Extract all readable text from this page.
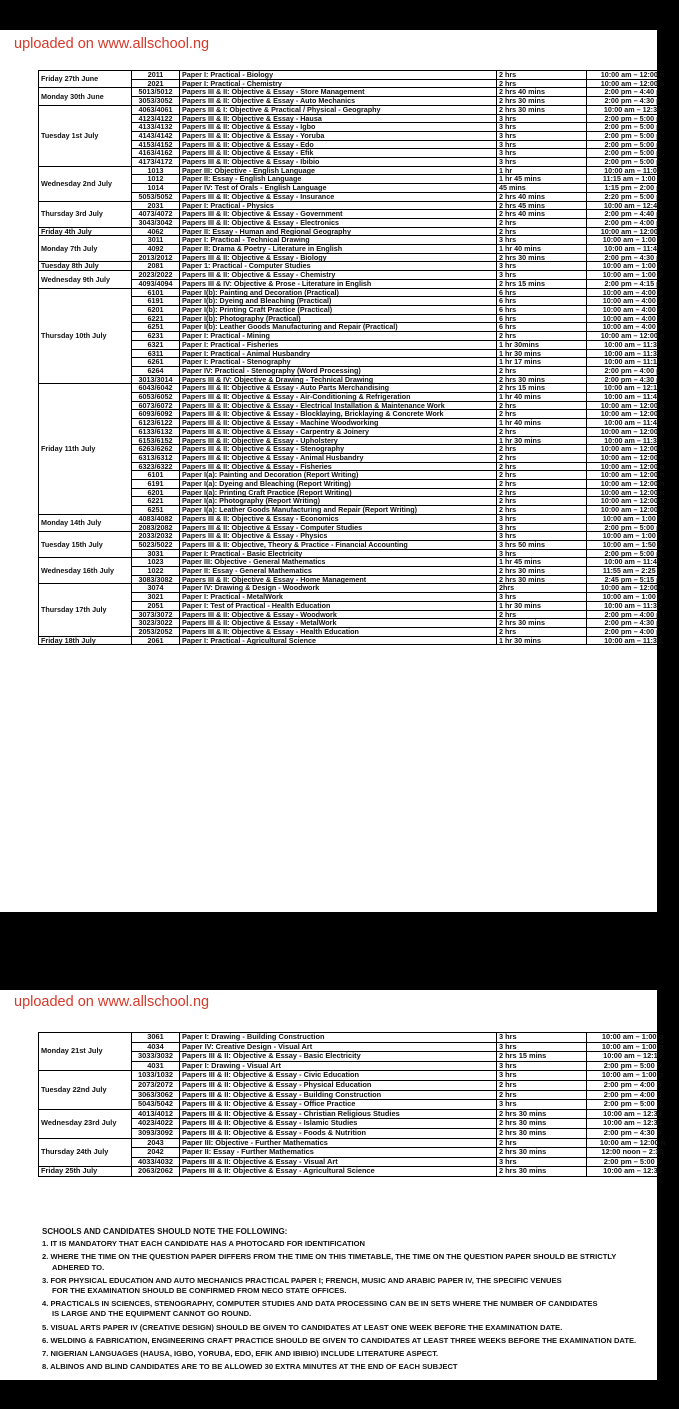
uploaded on www.allschool.ng
Friday 27th June	2011	Paper I: Practical - Biology	2 hrs	10:00 am – 12:00 n
	2021	Paper I: Practical - Chemistry	2 hrs	10:00 am – 12:00 n
Monday 30th June	5013/5012	Papers III & II: Objective & Essay - Store Management	2 hrs 40 mins	2:00 pm – 4:40 p
	3053/3052	Papers III & II: Objective & Essay - Auto Mechanics	2 hrs 30 mins	2:00 pm – 4:30 p
Tuesday 1st July	4063/4061	Papers III & I: Objective & Practical / Physical - Geography	2 hrs 30 mins	10:00 am – 12:30
	4123/4122	Papers III & II: Objective & Essay - Hausa	3 hrs	2:00 pm – 5:00 p
	4133/4132	Papers III & II: Objective & Essay - Igbo	3 hrs	2:00 pm – 5:00 p
	4143/4142	Papers III & II: Objective & Essay - Yoruba	3 hrs	2:00 pm – 5:00 p
	4153/4152	Papers III & II: Objective & Essay - Edo	3 hrs	2:00 pm – 5:00 p
	4163/4162	Papers III & II: Objective & Essay - Efik	3 hrs	2:00 pm – 5:00 p
	4173/4172	Papers III & II: Objective & Essay - Ibibio	3 hrs	2:00 pm – 5:00 p
Wednesday 2nd July	1013	Paper III: Objective - English Language	1 hr	10:00 am – 11:00
	1012	Paper II: Essay - English Language	1 hr 45 mins	11:15 am – 1:00 p
	1014	Paper IV: Test of Orals - English Language	45 mins	1:15 pm – 2:00 p
	5053/5052	Papers III & II: Objective & Essay - Insurance	2 hrs 40 mins	2:20 pm – 5:00 p
Thursday 3rd July	2031	Paper I: Practical - Physics	2 hrs 45 mins	10:00 am – 12:45
	4073/4072	Papers III & II: Objective & Essay - Government	2 hrs 40 mins	2:00 pm – 4:40 p
	3043/3042	Papers III & II: Objective & Essay - Electronics	2 hrs	2:00 pm – 4:00 p
Friday 4th July	4062	Paper II: Essay - Human and Regional Geography	2 hrs	10:00 am – 12:00 n
Monday 7th July	3011	Paper I: Practical - Technical Drawing	3 hrs	10:00 am – 1:00 p
	4092	Paper II: Drama & Poetry - Literature in English	1 hr 40 mins	10:00 am – 11:40
	2013/2012	Papers III & II: Objective & Essay - Biology	2 hrs 30 mins	2:00 pm – 4:30 p
Tuesday 8th July	2081	Paper 1: Practical - Computer Studies	3 hrs	10:00 am – 1:00 p
Wednesday 9th July	2023/2022	Papers III & II: Objective & Essay - Chemistry	3 hrs	10:00 am – 1:00 p
	4093/4094	Papers III & IV: Objective & Prose - Literature in English	2 hrs 15 mins	2:00 pm – 4:15 p
Thursday 10th July	6101	Paper I(b): Painting and Decoration (Practical)	6 hrs	10:00 am – 4:00 p
	6191	Paper I(b): Dyeing and Bleaching (Practical)	6 hrs	10:00 am – 4:00 p
	6201	Paper I(b): Printing Craft Practice (Practical)	6 hrs	10:00 am – 4:00 p
	6221	Paper I(b): Photography (Practical)	6 hrs	10:00 am – 4:00 p
	6251	Paper I(b): Leather Goods Manufacturing and Repair (Practical)	6 hrs	10:00 am – 4:00 p
	6231	Paper I: Practical - Mining	2 hrs	10:00 am – 12:00 n
	6321	Paper I: Practical - Fisheries	1 hr 30mins	10:00 am – 11:30
	6311	Paper I: Practical - Animal Husbandry	1 hr 30 mins	10:00 am – 11:30
	6261	Paper I: Practical - Stenography	1 hr 17 mins	10:00 am – 11:17
	6264	Paper IV: Practical - Stenography (Word Processing)	2 hrs	2:00 pm – 4:00 p
	3013/3014	Papers III & IV: Objective & Drawing - Technical Drawing	2 hrs 30 mins	2:00 pm – 4:30 p
Friday 11th July	6043/6042	Papers III & II: Objective & Essay - Auto Parts Merchandising	2 hrs 15 mins	10:00 am – 12:15
	6053/6052	Papers III & II: Objective & Essay - Air-Conditioning & Refrigeration	1 hr 40 mins	10:00 am – 11:40
	6073/6072	Papers III & II: Objective & Essay - Electrical Installation & Maintenance Work	2 hrs	10:00 am – 12:00 n
	6093/6092	Papers III & II: Objective & Essay - Blocklaying, Bricklaying & Concrete Work	2 hrs	10:00 am – 12:00 n
	6123/6122	Papers III & II: Objective & Essay - Machine Woodworking	1 hr 40 mins	10:00 am – 11:40
	6133/6132	Papers III & II: Objective & Essay - Carpentry & Joinery	2 hrs	10:00 am – 12:00 n
	6153/6152	Papers III & II: Objective & Essay - Upholstery	1 hr 30 mins	10:00 am – 11:30
	6263/6262	Papers III & II: Objective & Essay - Stenography	2 hrs	10:00 am – 12:00 n
	6313/6312	Papers III & II: Objective & Essay - Animal Husbandry	2 hrs	10:00 am – 12:00 n
	6323/6322	Papers III & II: Objective & Essay - Fisheries	2 hrs	10:00 am – 12:00 n
	6101	Paper I(a): Painting and Decoration (Report Writing)	2 hrs	10:00 am – 12:00 n
	6191	Paper I(a): Dyeing and Bleaching (Report Writing)	2 hrs	10:00 am – 12:00 n
	6201	Paper I(a): Printing Craft Practice (Report Writing)	2 hrs	10:00 am – 12:00 n
	6221	Paper I(a): Photography (Report Writing)	2 hrs	10:00 am – 12:00 n
	6251	Paper I(a): Leather Goods Manufacturing and Repair (Report Writing)	2 hrs	10:00 am – 12:00 n
Monday 14th July	4083/4082	Papers III & II: Objective & Essay - Economics	3 hrs	10:00 am – 1:00 p
	2083/2082	Papers III & II: Objective & Essay - Computer Studies	3 hrs	2:00 pm – 5:00 p
Tuesday 15th July	2033/2032	Papers III & II: Objective & Essay - Physics	3 hrs	10:00 am – 1:00 p
	5023/5022	Papers III & II: Objective, Theory & Practice - Financial Accounting	3 hrs 50 mins	10:00 am – 1:50 p
	3031	Paper I: Practical - Basic Electricity	3 hrs	2:00 pm – 5:00 p
Wednesday 16th July	1023	Paper III: Objective - General Mathematics	1 hr 45 mins	10:00 am – 11:45
	1022	Paper II: Essay - General Mathematics	2 hrs 30 mins	11:55 am – 2:25 p
	3083/3082	Papers III & II: Objective & Essay - Home Management	2 hrs 30 mins	2:45 pm – 5:15 p
Thursday 17th July	3074	Paper IV: Drawing & Design - Woodwork	2hrs	10:00 am – 12:00 n
	3021	Paper I: Practical - MetalWork	3 hrs	10:00 am – 1:00 p
	2051	Paper I: Test of Practical - Health Education	1 hr 30 mins	10:00 am – 11:30
	3073/3072	Papers III & II: Objective & Essay - Woodwork	2 hrs	2:00 pm – 4:00 p
	3023/3022	Papers III & II: Objective & Essay - MetalWork	2 hrs 30 mins	2:00 pm – 4:30 p
	2053/2052	Papers III & II: Objective & Essay - Health Education	2 hrs	2:00 pm – 4:00 p
Friday 18th July	2061	Paper I: Practical - Agricultural Science	1 hr 30 mins	10:00 am – 11:30
uploaded on www.allschool.ng
Monday 21st July	3061	Paper I: Drawing - Building Construction	3 hrs	10:00 am – 1:00 p
	4034	Paper IV: Creative Design - Visual Art	3 hrs	10:00 am – 1:00 p
	3033/3032	Papers III & II: Objective & Essay - Basic Electricity	2 hrs 15 mins	10:00 am – 12:15
	4031	Paper I: Drawing - Visual Art	3 hrs	2:00 pm – 5:00 p
Tuesday 22nd July	1033/1032	Papers III & II: Objective & Essay - Civic Education	3 hrs	10:00 am – 1:00 p
	2073/2072	Papers III & II: Objective & Essay - Physical Education	2 hrs	2:00 pm – 4:00 p
	3063/3062	Papers III & II: Objective & Essay - Building Construction	2 hrs	2:00 pm – 4:00 p
	5043/5042	Papers III & II: Objective & Essay - Office Practice	3 hrs	2:00 pm – 5:00 p
Wednesday 23rd July	4013/4012	Papers III & II: Objective & Essay - Christian Religious Studies	2 hrs 30 mins	10:00 am – 12:30
	4023/4022	Papers III & II: Objective & Essay - Islamic Studies	2 hrs 30 mins	10:00 am – 12:30
	3093/3092	Papers III & II: Objective & Essay - Foods & Nutrition	2 hrs 30 mins	2:00 pm – 4:30 p
Thursday 24th July	2043	Paper III: Objective - Further Mathematics	2 hrs	10:00 am – 12:00 n
	2042	Paper II: Essay - Further Mathematics	2 hrs 30 mins	12:00 noon – 2:30
	4033/4032	Papers III & II: Objective & Essay - Visual Art	3 hrs	2:00 pm – 5:00 p
Friday 25th July	2063/2062	Papers III & II: Objective & Essay - Agricultural Science	2 hrs 30 mins	10:00 am – 12:30
SCHOOLS AND CANDIDATES SHOULD NOTE THE FOLLOWING:
1. IT IS MANDATORY THAT EACH CANDIDATE HAS A PHOTOCARD FOR IDENTIFICATION
2. WHERE THE TIME ON THE QUESTION PAPER DIFFERS FROM THE TIME ON THIS TIMETABLE, THE TIME ON THE QUESTION PAPER SHOULD BE STRICTLY
ADHERED TO.
3. FOR PHYSICAL EDUCATION AND AUTO MECHANICS PRACTICAL PAPER I; FRENCH, MUSIC AND ARABIC PAPER IV, THE SPECIFIC VENUES
FOR THE EXAMINATION SHOULD BE CONFIRMED FROM NECO STATE OFFICES.
4. PRACTICALS IN SCIENCES, STENOGRAPHY, COMPUTER STUDIES AND DATA PROCESSING CAN BE IN SETS WHERE THE NUMBER OF CANDIDATES
IS LARGE AND THE EQUIPMENT CANNOT GO ROUND.
5. VISUAL ARTS PAPER IV (CREATIVE DESIGN) SHOULD BE GIVEN TO CANDIDATES AT LEAST ONE WEEK BEFORE THE EXAMINATION DATE.
6. WELDING & FABRICATION, ENGINEERING CRAFT PRACTICE SHOULD BE GIVEN TO CANDIDATES AT LEAST THREE WEEKS BEFORE THE EXAMINATION DATE.
7. NIGERIAN LANGUAGES (HAUSA, IGBO, YORUBA, EDO, EFIK AND IBIBIO) INCLUDE LITERATURE ASPECT.
8. ALBINOS AND BLIND CANDIDATES ARE TO BE ALLOWED 30 EXTRA MINUTES AT THE END OF EACH SUBJECT
